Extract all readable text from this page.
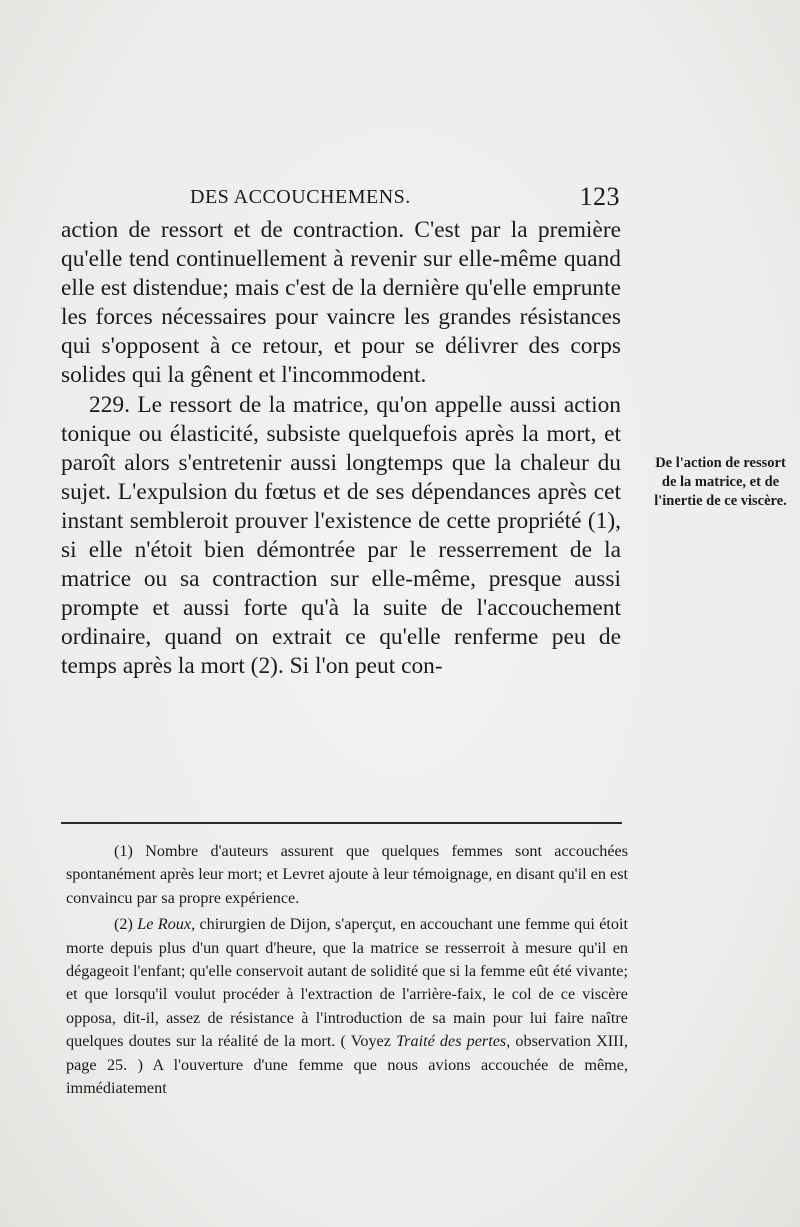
DES ACCOUCHEMENS.	123

action de ressort et de contraction. C'est par la première qu'elle tend continuellement à revenir sur elle-même quand elle est distendue; mais c'est de la dernière qu'elle emprunte les forces nécessaires pour vaincre les grandes résistances qui s'opposent à ce retour, et pour se délivrer des corps solides qui la gênent et l'incommodent.

229. Le ressort de la matrice, qu'on appelle aussi action tonique ou élasticité, subsiste quelquefois après la mort, et paroît alors s'entretenir aussi longtemps que la chaleur du sujet. L'expulsion du fœtus et de ses dépendances après cet instant sembleroit prouver l'existence de cette propriété (1), si elle n'étoit bien démontrée par le resserrement de la matrice ou sa contraction sur elle-même, presque aussi prompte et aussi forte qu'à la suite de l'accouchement ordinaire, quand on extrait ce qu'elle renferme peu de temps après la mort (2). Si l'on peut con-

De l'action de ressort de la matrice, et de l'inertie de ce viscère.

(1) Nombre d'auteurs assurent que quelques femmes sont accouchées spontanément après leur mort; et Levret ajoute à leur témoignage, en disant qu'il en est convaincu par sa propre expérience.

(2) Le Roux, chirurgien de Dijon, s'aperçut, en accouchant une femme qui étoit morte depuis plus d'un quart d'heure, que la matrice se resserroit à mesure qu'il en dégageoit l'enfant; qu'elle conservoit autant de solidité que si la femme eût été vivante; et que lorsqu'il voulut procéder à l'extraction de l'arrière-faix, le col de ce viscère opposa, dit-il, assez de résistance à l'introduction de sa main pour lui faire naître quelques doutes sur la réalité de la mort. ( Voyez Traité des pertes, observation XIII, page 25. ) A l'ouverture d'une femme que nous avions accouchée de même, immédiatement
